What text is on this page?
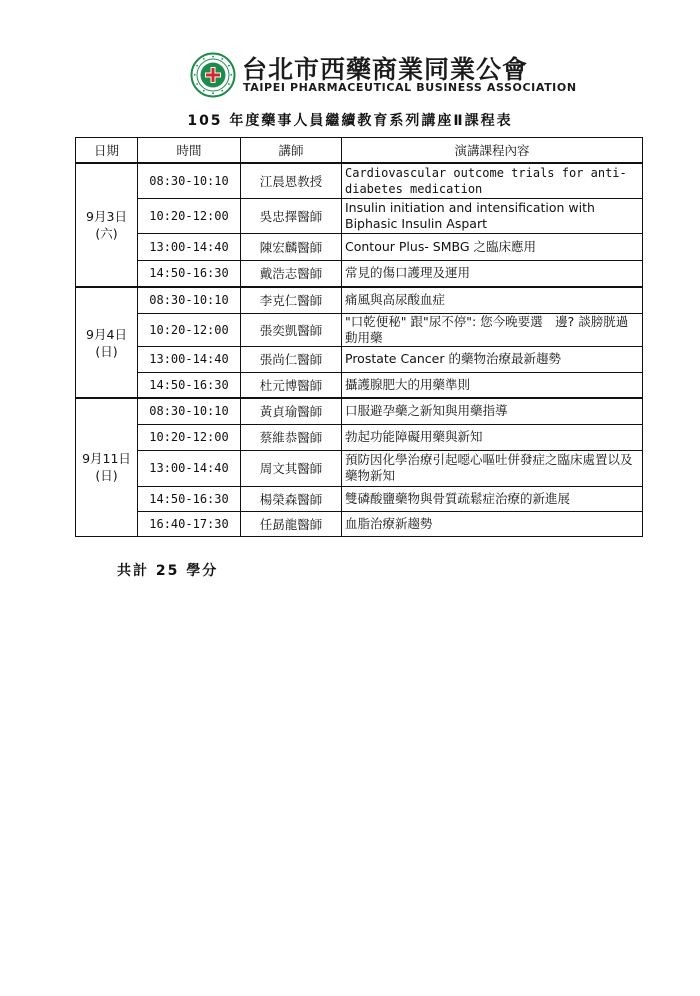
台北市西藥商業同業公會
TAIPEI PHARMACEUTICAL BUSINESS ASSOCIATION
105 年度藥事人員繼續教育系列講座Ⅱ課程表
日期	時間	講師	演講課程內容

9月3日
(六)	08:30-10:10	江晨恩教授	Cardiovascular outcome trials for anti-diabetes medication
	10:20-12:00	吳忠擇醫師	Insulin initiation and intensification with Biphasic Insulin Aspart
	13:00-14:40	陳宏麟醫師	Contour Plus- SMBG 之臨床應用
	14:50-16:30	戴浩志醫師	常見的傷口護理及運用

9月4日
(日)	08:30-10:10	李克仁醫師	痛風與高尿酸血症
	10:20-12:00	張奕凱醫師	"口乾便秘" 跟"尿不停": 您今晚要選　邊? 談膀胱過動用藥
	13:00-14:40	張尚仁醫師	Prostate Cancer 的藥物治療最新趨勢
	14:50-16:30	杜元博醫師	攝護腺肥大的用藥準則

9月11日
(日)	08:30-10:10	黃貞瑜醫師	口服避孕藥之新知與用藥指導
	10:20-12:00	蔡維恭醫師	勃起功能障礙用藥與新知
	13:00-14:40	周文其醫師	預防因化學治療引起噁心嘔吐併發症之臨床處置以及藥物新知
	14:50-16:30	楊榮森醫師	雙磷酸鹽藥物與骨質疏鬆症治療的新進展
	16:40-17:30	任勗龍醫師	血脂治療新趨勢
共計 25 學分
